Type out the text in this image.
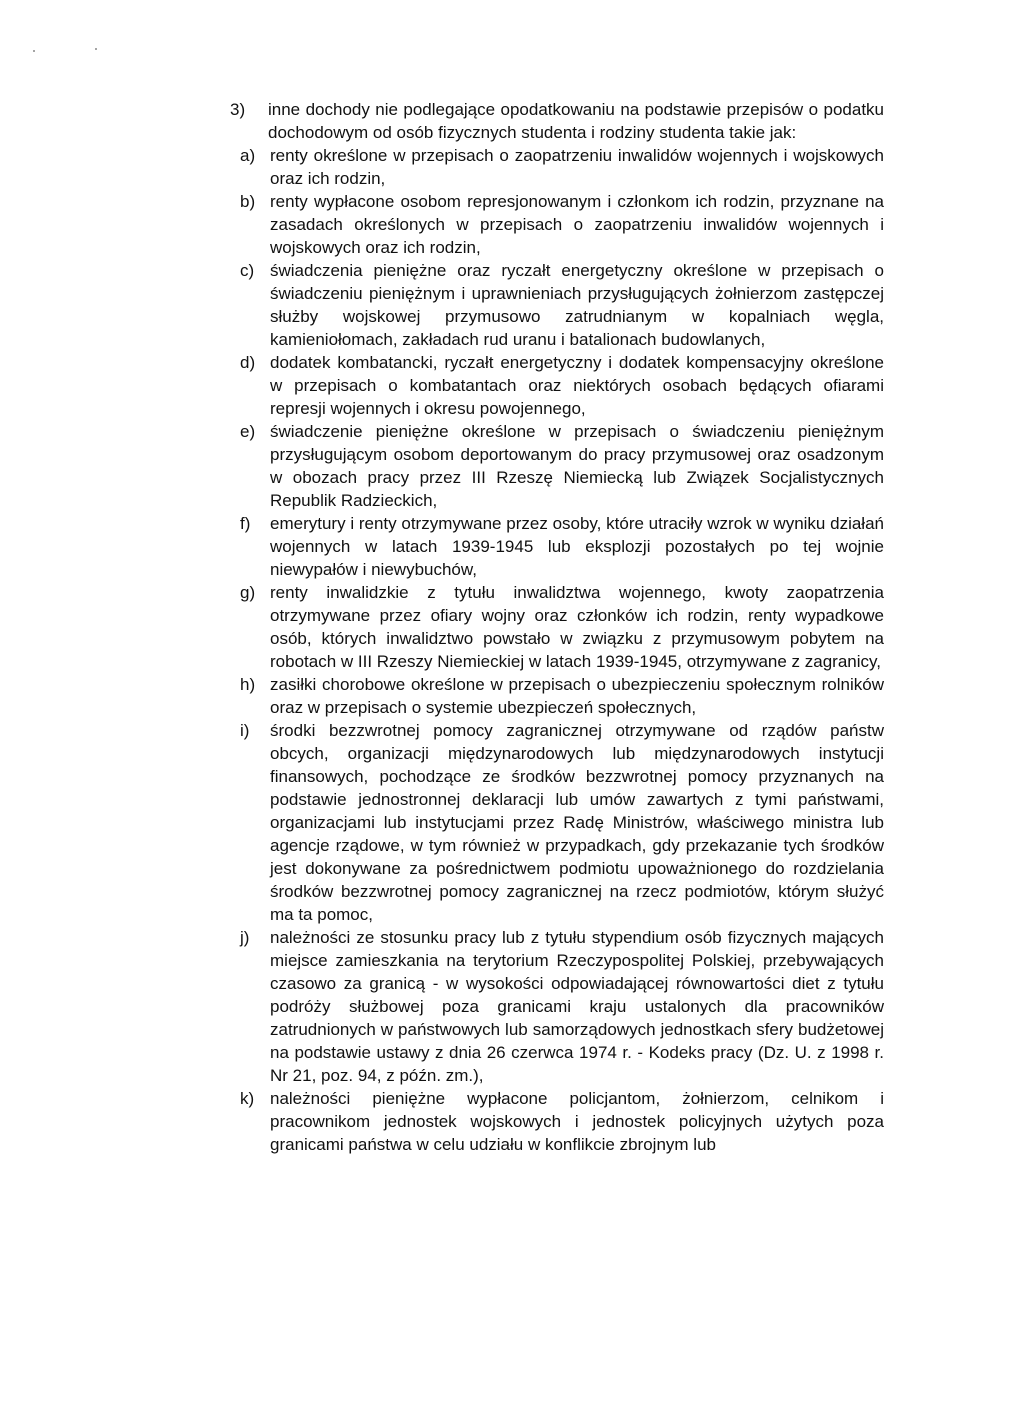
3) inne dochody nie podlegające opodatkowaniu na podstawie przepisów o podatku dochodowym od osób fizycznych studenta i rodziny studenta takie jak:
a) renty określone w przepisach o zaopatrzeniu inwalidów wojennych i wojskowych oraz ich rodzin,
b) renty wypłacone osobom represjonowanym i członkom ich rodzin, przyznane na zasadach określonych w przepisach o zaopatrzeniu inwalidów wojennych i wojskowych oraz ich rodzin,
c) świadczenia pieniężne oraz ryczałt energetyczny określone w przepisach o świadczeniu pieniężnym i uprawnieniach przysługujących żołnierzom zastępczej służby wojskowej przymusowo zatrudnianym w kopalniach węgla, kamieniołomach, zakładach rud uranu i batalionach budowlanych,
d) dodatek kombatancki, ryczałt energetyczny i dodatek kompensacyjny określone w przepisach o kombatantach oraz niektórych osobach będących ofiarami represji wojennych i okresu powojennego,
e) świadczenie pieniężne określone w przepisach o świadczeniu pieniężnym przysługującym osobom deportowanym do pracy przymusowej oraz osadzonym w obozach pracy przez III Rzeszę Niemiecką lub Związek Socjalistycznych Republik Radzieckich,
f) emerytury i renty otrzymywane przez osoby, które utraciły wzrok w wyniku działań wojennych w latach 1939-1945 lub eksplozji pozostałych po tej wojnie niewypałów i niewybuchów,
g) renty inwalidzkie z tytułu inwalidztwa wojennego, kwoty zaopatrzenia otrzymywane przez ofiary wojny oraz członków ich rodzin, renty wypadkowe osób, których inwalidztwo powstało w związku z przymusowym pobytem na robotach w III Rzeszy Niemieckiej w latach 1939-1945, otrzymywane z zagranicy,
h) zasiłki chorobowe określone w przepisach o ubezpieczeniu społecznym rolników oraz w przepisach o systemie ubezpieczeń społecznych,
i) środki bezzwrotnej pomocy zagranicznej otrzymywane od rządów państw obcych, organizacji międzynarodowych lub międzynarodowych instytucji finansowych, pochodzące ze środków bezzwrotnej pomocy przyznanych na podstawie jednostronnej deklaracji lub umów zawartych z tymi państwami, organizacjami lub instytucjami przez Radę Ministrów, właściwego ministra lub agencje rządowe, w tym również w przypadkach, gdy przekazanie tych środków jest dokonywane za pośrednictwem podmiotu upoważnionego do rozdzielania środków bezzwrotnej pomocy zagranicznej na rzecz podmiotów, którym służyć ma ta pomoc,
j) należności ze stosunku pracy lub z tytułu stypendium osób fizycznych mających miejsce zamieszkania na terytorium Rzeczypospolitej Polskiej, przebywających czasowo za granicą - w wysokości odpowiadającej równowartości diet z tytułu podróży służbowej poza granicami kraju ustalonych dla pracowników zatrudnionych w państwowych lub samorządowych jednostkach sfery budżetowej na podstawie ustawy z dnia 26 czerwca 1974 r. - Kodeks pracy (Dz. U. z 1998 r. Nr 21, poz. 94, z późn. zm.),
k) należności pieniężne wypłacone policjantom, żołnierzom, celnikom i pracownikom jednostek wojskowych i jednostek policyjnych użytych poza granicami państwa w celu udziału w konflikcie zbrojnym lub
